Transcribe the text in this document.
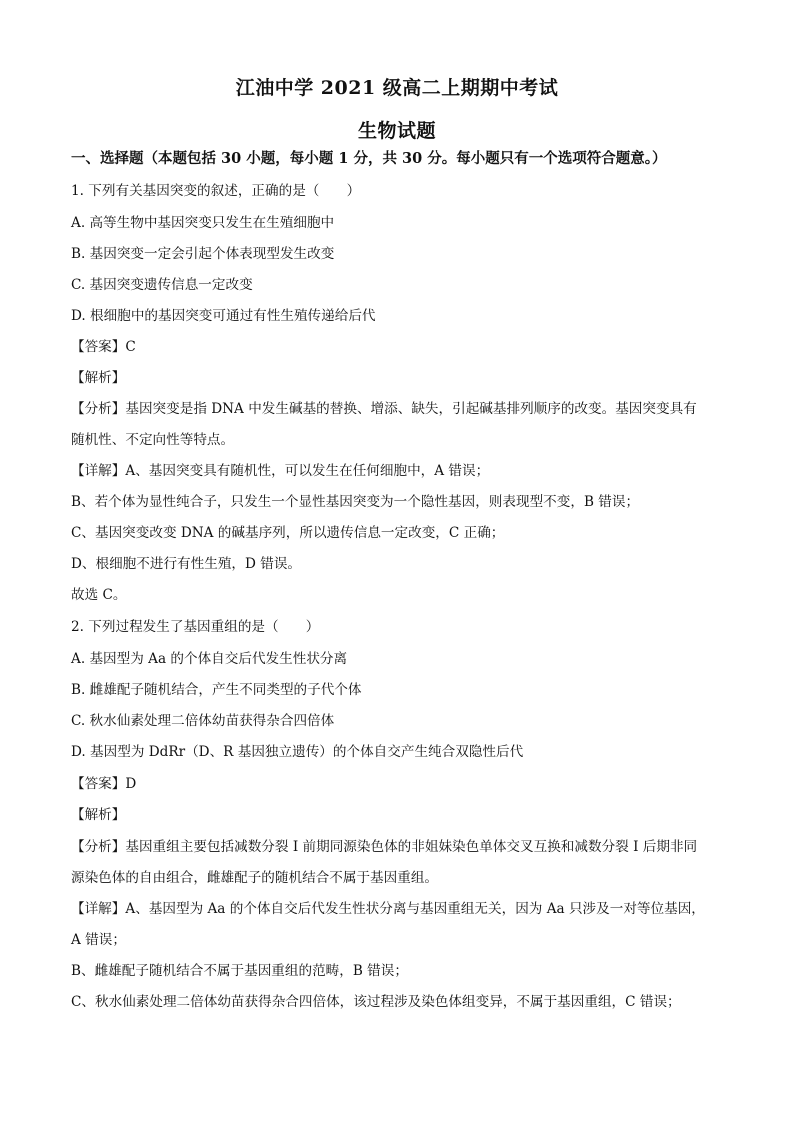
江油中学 2021 级高二上期期中考试
生物试题
一、选择题（本题包括 30 小题，每小题 1 分，共 30 分。每小题只有一个选项符合题意。）
1. 下列有关基因突变的叙述，正确的是（　　）
A. 高等生物中基因突变只发生在生殖细胞中
B. 基因突变一定会引起个体表现型发生改变
C. 基因突变遗传信息一定改变
D. 根细胞中的基因突变可通过有性生殖传递给后代
【答案】C
【解析】
【分析】基因突变是指 DNA 中发生碱基的替换、增添、缺失，引起碱基排列顺序的改变。基因突变具有
随机性、不定向性等特点。
【详解】A、基因突变具有随机性，可以发生在任何细胞中，A 错误；
B、若个体为显性纯合子，只发生一个显性基因突变为一个隐性基因，则表现型不变，B 错误；
C、基因突变改变 DNA 的碱基序列，所以遗传信息一定改变，C 正确；
D、根细胞不进行有性生殖，D 错误。
故选 C。
2. 下列过程发生了基因重组的是（　　）
A. 基因型为 Aa 的个体自交后代发生性状分离
B. 雌雄配子随机结合，产生不同类型的子代个体
C. 秋水仙素处理二倍体幼苗获得杂合四倍体
D. 基因型为 DdRr（D、R 基因独立遗传）的个体自交产生纯合双隐性后代
【答案】D
【解析】
【分析】基因重组主要包括减数分裂 I 前期同源染色体的非姐妹染色单体交叉互换和减数分裂 I 后期非同
源染色体的自由组合，雌雄配子的随机结合不属于基因重组。
【详解】A、基因型为 Aa 的个体自交后代发生性状分离与基因重组无关，因为 Aa 只涉及一对等位基因，
A 错误；
B、雌雄配子随机结合不属于基因重组的范畴，B 错误；
C、秋水仙素处理二倍体幼苗获得杂合四倍体，该过程涉及染色体组变异，不属于基因重组，C 错误；
